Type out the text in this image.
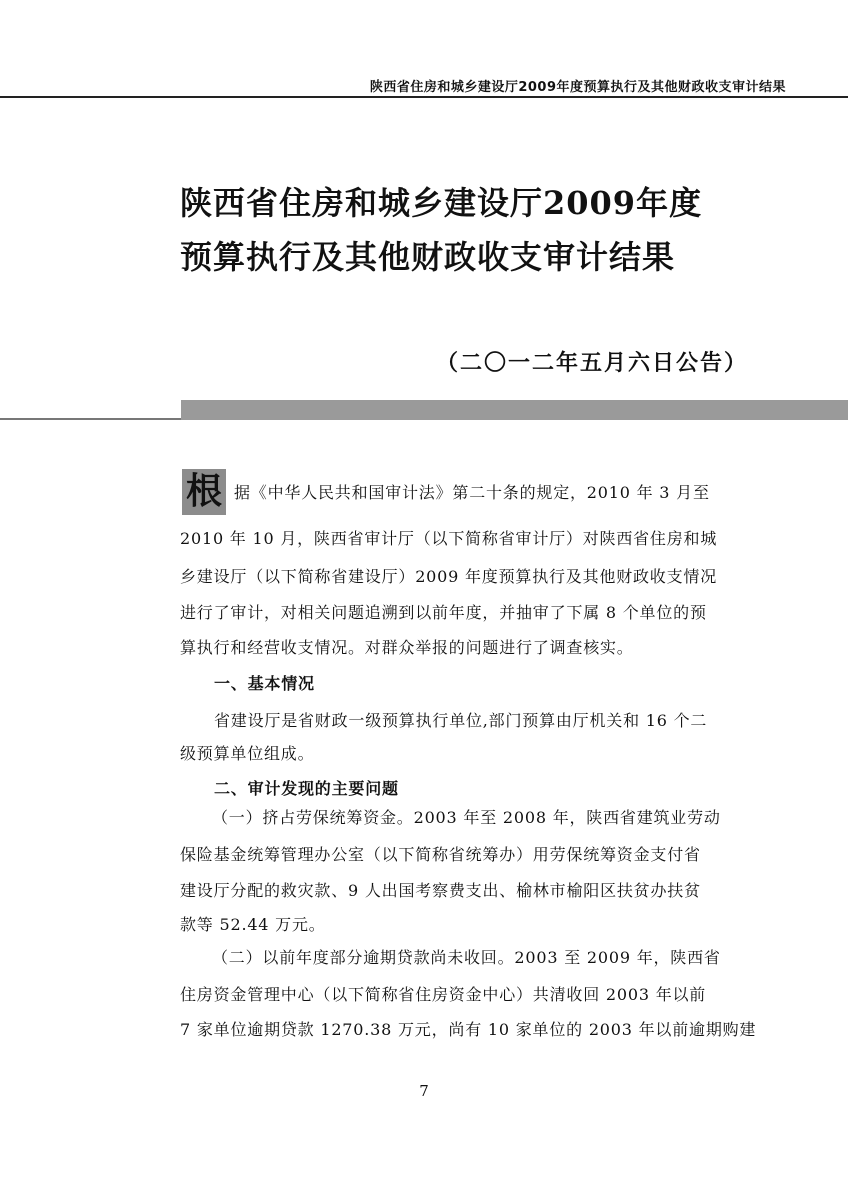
陕西省住房和城乡建设厅2009年度预算执行及其他财政收支审计结果
陕西省住房和城乡建设厅2009年度
预算执行及其他财政收支审计结果
（二〇一二年五月六日公告）
根 据《中华人民共和国审计法》第二十条的规定，2010 年 3 月至
2010 年 10 月，陕西省审计厅（以下简称省审计厅）对陕西省住房和城
乡建设厅（以下简称省建设厅）2009 年度预算执行及其他财政收支情况
进行了审计，对相关问题追溯到以前年度，并抽审了下属 8 个单位的预
算执行和经营收支情况。对群众举报的问题进行了调查核实。
一、基本情况
省建设厅是省财政一级预算执行单位,部门预算由厅机关和 16 个二
级预算单位组成。
二、审计发现的主要问题
（一）挤占劳保统筹资金。2003 年至 2008 年，陕西省建筑业劳动
保险基金统筹管理办公室（以下简称省统筹办）用劳保统筹资金支付省
建设厅分配的救灾款、9 人出国考察费支出、榆林市榆阳区扶贫办扶贫
款等 52.44 万元。
（二）以前年度部分逾期贷款尚未收回。2003 至 2009 年，陕西省
住房资金管理中心（以下简称省住房资金中心）共清收回 2003 年以前
7 家单位逾期贷款 1270.38 万元，尚有 10 家单位的 2003 年以前逾期购建
7
